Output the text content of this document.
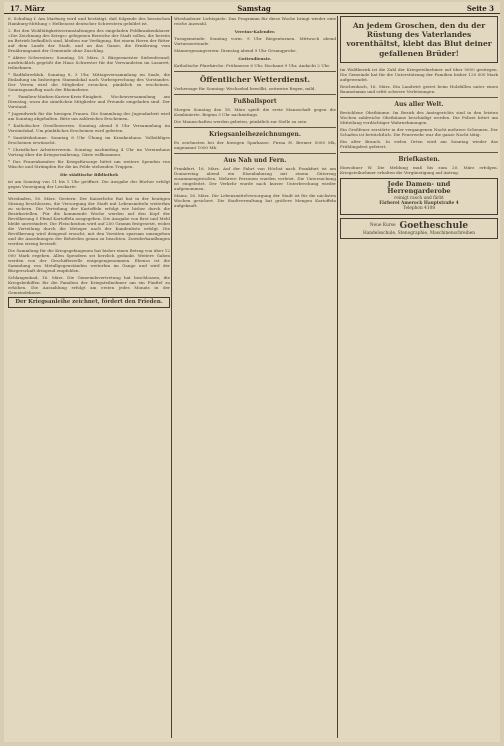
17. März	Samstag	Seite 3

6. Schultag f. Am Marburg wird und bestätigt, daß folgende des hessischen Hamburg-Mittlung « Helbeiorat deutscher Schwestern gebildet ist.

2. Bei den Wohltätigkeitsveranstaltungen des eingeladen Feldkrankenhäuser »Die Zeichnung des Kriegs« gelegenen Bereiche der Stadt sollen, die bereits im Betrieb befindlich sind, bleiben zur Verfügung. Bei einem Herrn der Ritter auf dem Lande der Stadt, und an das Ganze, die Ernährung vom Ernährungsamt der Gemeinde ohne Zuschlag.

* Aktive Schwestern: Sonntag, 18. März, 3. Bärgermeister Siebenfreund, ausdrücklich gegrüßt die Haus Schwester für die Verwundeten im Lazarett, teilnehmen.

* Radfahrerklub, Sonntag 8, 3 Uhr, Mittagsversammlung im Saale, die Einladung im bisherigen Stammlokal nach Vorbesprechung des Vorstandes. Der Verein wird die Mitglieder ersuchen, pünktlich zu erscheinen. Sonntagsausflug nach der Rheinebene.

* Familien-Marken-Karten-Kreis-Einigkeit. Wochenversammlung am Dienstag, wozu die sämtlichen Mitglieder und Freunde eingeladen sind. Der Vorstand.

* Jugendwerk für die hiesigen Frauen. Die Sammlung der Jugendarbeit wird am Sonntag abgehalten. Bitte um zahlreiches Erscheinen.

* Katholischer Gesellenverein. Sonntag abend 8 Uhr Versammlung im Vereinslokal. Um pünktliches Erscheinen wird gebeten.

* Sanitätskolonne. Sonntag 8 Uhr Übung im Krankenhaus. Vollzähliges Erscheinen erwünscht.

* Christlicher Arbeiterverein. Sonntag nachmittag 4 Uhr im Vereinshaus Vortrag über die Kriegsernährung. Gäste willkommen.

* Das Frauenkomitee für Kriegsfürsorge bittet um weitere Spenden von Wäsche und Strümpfen für die im Felde stehenden Truppen.

Die städtische Bibliothek

ist am Sonntag von 11 bis 1 Uhr geöffnet. Die Ausgabe der Bücher erfolgt gegen Vorzeigung der Lesekarte.

Wiesbaden, 16. März. Gestern: Der Kaiserliche Rat hat in der heutigen Sitzung beschlossen, die Versorgung der Stadt mit Lebensmitteln weiterhin zu sichern. Die Verteilung der Kartoffeln erfolgt wie bisher durch die Bezirksstellen. Für die kommende Woche werden auf den Kopf der Bevölkerung 5 Pfund Kartoffeln ausgegeben. Die Ausgabe von Brot und Mehl bleibt unverändert. Die Fleischration wird auf 250 Gramm festgesetzt, wobei die Verteilung durch die Metzger nach der Kundenliste erfolgt. Die Bevölkerung wird dringend ersucht, mit den Vorräten sparsam umzugehen und die Anordnungen der Behörden genau zu beachten. Zuwiderhandlungen werden streng bestraft.

Die Sammlung für die Kriegsgefangenen hat bisher einen Betrag von über 12 000 Mark ergeben. Allen Spendern sei herzlich gedankt. Weitere Gaben werden von der Geschäftsstelle entgegengenommen. Ebenso ist die Sammlung von Metallgegenständen weiterhin im Gange und wird der Bürgerschaft dringend empfohlen.

Schlangenbad, 16. März. Die Gemeindevertretung hat beschlossen, die Kriegsbeihilfen für die Familien der Kriegsteilnehmer um ein Fünftel zu erhöhen. Die Auszahlung erfolgt am ersten jedes Monats in der Gemeindekasse.

Der Kriegsanleihe zeichnet, fördert den Frieden.

Wiesbadener Lichtspiele. Das Programm für diese Woche bringt wieder eine reiche Auswahl.

Vereins-Kalender.

Turngemeinde: Sonntag vorm. 9 Uhr Riegenturnen. Mittwoch abend Vorturnerstunde.

Männergesangverein: Dienstag abend 9 Uhr Gesangprobe.

Gottesdienste.

Katholische Pfarrkirche: Frühmesse 6 Uhr, Hochamt 9 Uhr, Andacht 2 Uhr.

Öffentlicher Wetterdienst.

Vorhersage für Sonntag: Wechselnd bewölkt, zeitweise Regen, mild.

Fußballsport

Morgen Sonntag den 18. März spielt die erste Mannschaft gegen die Kombinierte. Beginn 3 Uhr nachmittags.

Die Mannschaften werden gebeten, pünktlich zur Stelle zu sein.

Kriegsanleihezeichnungen.

Es zeichneten bei der hiesigen Sparkasse: Firma H. Bremer 5000 Mk, ungenannt 1000 Mk.

Aus Nah und Fern.

Frankfurt, 16. März. Auf der Fahrt von Höchst nach Frankfurt ist am Donnerstag abend ein Eisenbahnzug mit einem Güterzug zusammengestoßen. Mehrere Personen wurden verletzt. Die Untersuchung ist eingeleitet. Der Verkehr wurde nach kurzer Unterbrechung wieder aufgenommen.

Mainz, 16. März. Die Lebensmittelversorgung der Stadt ist für die nächsten Wochen gesichert. Die Stadtverwaltung hat größere Mengen Kartoffeln aufgekauft.

An jedem Groschen, den du der Rüstung des Vaterlandes vorenthältst, klebt das Blut deiner gefallenen Brüder!

Im Waldbezirk ist die Zahl der Kriegsteilnehmer auf über 5000 gestiegen. Die Gemeinde hat für die Unterstützung der Familien bisher 120 000 Mark aufgewendet.

Reichenbach, 16. März. Ein Landwirt geriet beim Holzfällen unter einen Baumstamm und erlitt schwere Verletzungen.

Aus aller Welt.

Bestohlene Obstbäume. Im Bezirk des Amtsgerichts sind in den letzten Wochen zahlreiche Obstbäume beschädigt worden. Die Polizei bittet um Mitteilung verdächtiger Wahrnehmungen.

Ein Großfeuer zerstörte in der vergangenen Nacht mehrere Scheunen. Der Schaden ist beträchtlich. Die Feuerwehr war die ganze Nacht tätig.

Ein alter Brauch. In vielen Orten wird am Sonntag wieder das Frühlingsfest gefeiert.

Briefkasten.

Einwohner W. Die Meldung muß bis zum 20. März erfolgen. Kriegsteilnehmer erhalten die Vergünstigung auf Antrag.

Jede Damen- und
Herrengarderobe
reinigt rasch und färbt
Färberei Amerock Hauptstraße 4
Telephon 4108
Neue Kurse Goetheschule
Handelsschule, Stenographie, Maschinenschreiben
